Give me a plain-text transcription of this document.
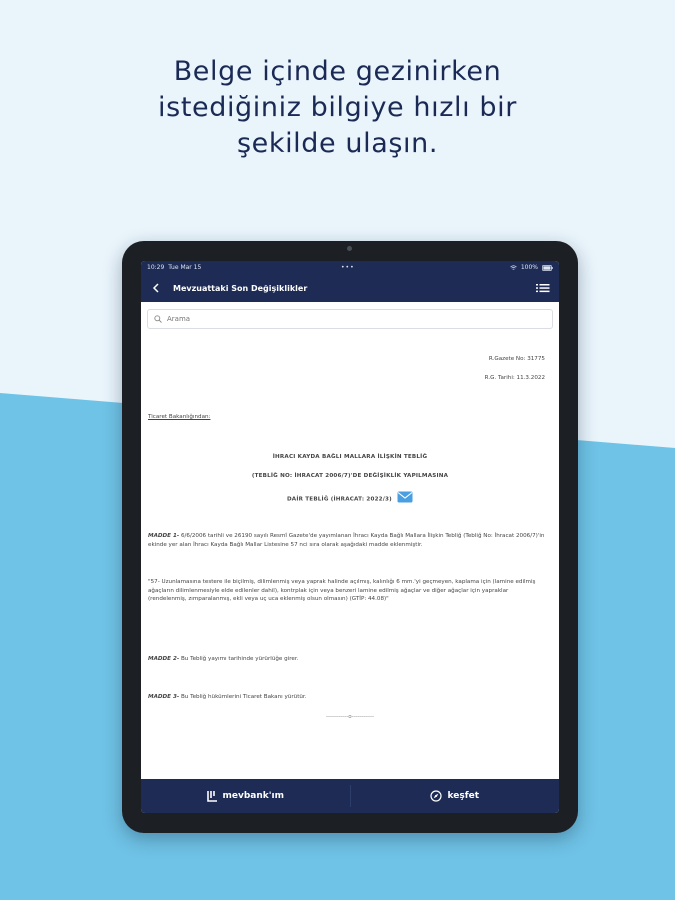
Belge içinde gezinirken
istediğiniz bilgiye hızlı bir
şekilde ulaşın.
10:29 Tue Mar 15	•••	100%
Mevzuattaki Son Değişiklikler
Arama
R.Gazete No: 31775
R.G. Tarihi: 11.3.2022
Ticaret Bakanlığından:
İHRACI KAYDA BAĞLI MALLARA İLİŞKİN TEBLİĞ
(TEBLİĞ NO: İHRACAT 2006/7)'DE DEĞİŞİKLİK YAPILMASINA
DAİR TEBLİĞ (İHRACAT: 2022/3)
MADDE 1- 6/6/2006 tarihli ve 26190 sayılı Resmî Gazete'de yayımlanan İhracı Kayda Bağlı Mallara İlişkin Tebliğ (Tebliğ No: İhracat 2006/7)'in ekinde yer alan İhracı Kayda Bağlı Mallar Listesine 57 nci sıra olarak aşağıdaki madde eklenmiştir.
"57- Uzunlamasına testere ile biçilmiş, dilimlenmiş veya yaprak halinde açılmış, kalınlığı 6 mm.'yi geçmeyen, kaplama için (lamine edilmiş ağaçların dilimlenmesiyle elde edilenler dahil), kontrplak için veya benzeri lamine edilmiş ağaçlar ve diğer ağaçlar için yapraklar (rendelenmiş, zımparalanmış, ekli veya uç uca eklenmiş olsun olmasın) (GTİP: 44.08)"
MADDE 2- Bu Tebliğ yayımı tarihinde yürürlüğe girer.
MADDE 3- Bu Tebliğ hükümlerini Ticaret Bakanı yürütür.
-----------o-----------
mevbank'ım	keşfet
